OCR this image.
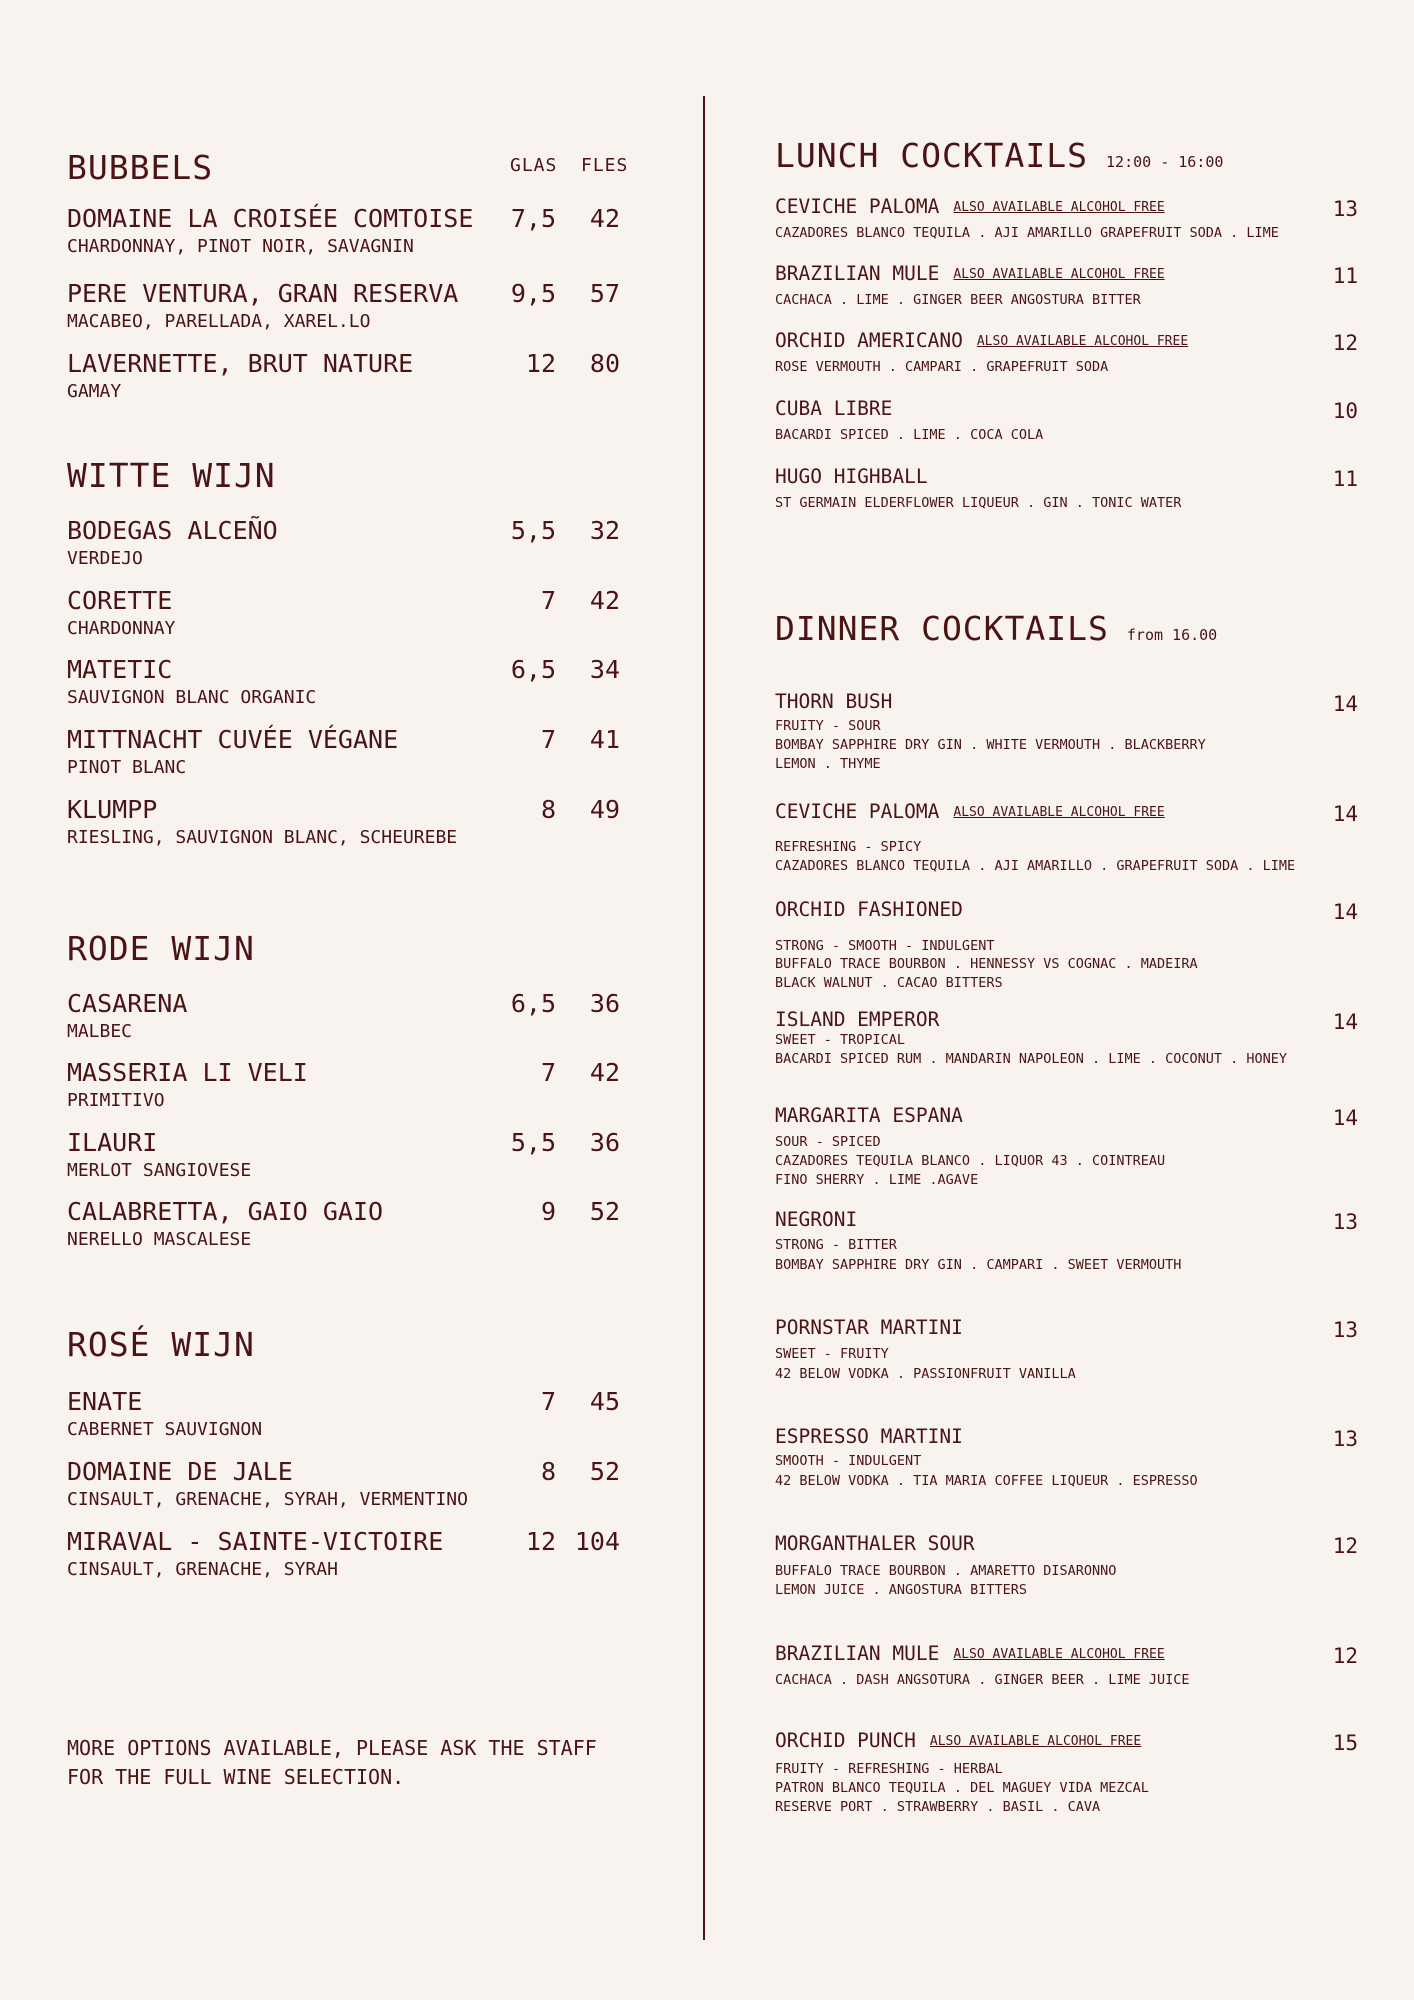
GLAS FLES
BUBBELS
DOMAINE LA CROISÉE COMTOISE
CHARDONNAY, PINOT NOIR, SAVAGNIN
7,5	42
PERE VENTURA, GRAN RESERVA
MACABEO, PARELLADA, XAREL.LO
9,5	57
LAVERNETTE, BRUT NATURE
GAMAY
12	80
WITTE WIJN
BODEGAS ALCEÑO
VERDEJO
5,5	32
CORETTE
CHARDONNAY
7	42
MATETIC
SAUVIGNON BLANC ORGANIC
6,5	34
MITTNACHT CUVÉE VÉGANE
PINOT BLANC
7	41
KLUMPP
RIESLING, SAUVIGNON BLANC, SCHEUREBE
8	49
RODE WIJN
CASARENA
MALBEC
6,5	36
MASSERIA LI VELI
PRIMITIVO
7	42
ILAURI
MERLOT SANGIOVESE
5,5	36
CALABRETTA, GAIO GAIO
NERELLO MASCALESE
9	52
ROSÉ WIJN
ENATE
CABERNET SAUVIGNON
7	45
DOMAINE DE JALE
CINSAULT, GRENACHE, SYRAH, VERMENTINO
8	52
MIRAVAL - SAINTE-VICTOIRE
CINSAULT, GRENACHE, SYRAH
12 104
MORE OPTIONS AVAILABLE, PLEASE ASK THE STAFF FOR THE FULL WINE SELECTION.
LUNCH COCKTAILS 12:00 - 16:00
DINNER COCKTAILS from 16.00
CEVICHE PALOMA ALSO AVAILABLE ALCOHOL FREE
CAZADORES BLANCO TEQUILA . AJI AMARILLO GRAPEFRUIT SODA . LIME
13
BRAZILIAN MULE ALSO AVAILABLE ALCOHOL FREE
CACHACA . LIME . GINGER BEER ANGOSTURA BITTER
11
ORCHID AMERICANO ALSO AVAILABLE ALCOHOL FREE
ROSE VERMOUTH . CAMPARI . GRAPEFRUIT SODA
12
CUBA LIBRE
BACARDI SPICED . LIME . COCA COLA
10
HUGO HIGHBALL
ST GERMAIN ELDERFLOWER LIQUEUR . GIN . TONIC WATER
11
THORN BUSH
FRUITY - SOUR
BOMBAY SAPPHIRE DRY GIN . WHITE VERMOUTH . BLACKBERRY
LEMON . THYME
14
CEVICHE PALOMA ALSO AVAILABLE ALCOHOL FREE
REFRESHING - SPICY
CAZADORES BLANCO TEQUILA . AJI AMARILLO . GRAPEFRUIT SODA . LIME
14
ORCHID FASHIONED
STRONG - SMOOTH - INDULGENT
BUFFALO TRACE BOURBON . HENNESSY VS COGNAC . MADEIRA
BLACK WALNUT . CACAO BITTERS
14
ISLAND EMPEROR
SWEET - TROPICAL
BACARDI SPICED RUM . MANDARIN NAPOLEON . LIME . COCONUT . HONEY
14
MARGARITA ESPANA
SOUR - SPICED
CAZADORES TEQUILA BLANCO . LIQUOR 43 . COINTREAU
FINO SHERRY . LIME .AGAVE
14
NEGRONI
STRONG - BITTER
BOMBAY SAPPHIRE DRY GIN . CAMPARI . SWEET VERMOUTH
13
PORNSTAR MARTINI
SWEET - FRUITY
42 BELOW VODKA . PASSIONFRUIT VANILLA
13
ESPRESSO MARTINI
SMOOTH - INDULGENT
42 BELOW VODKA . TIA MARIA COFFEE LIQUEUR . ESPRESSO
13
MORGANTHALER SOUR
BUFFALO TRACE BOURBON . AMARETTO DISARONNO
LEMON JUICE . ANGOSTURA BITTERS
12
BRAZILIAN MULE ALSO AVAILABLE ALCOHOL FREE
CACHACA . DASH ANGSOTURA . GINGER BEER . LIME JUICE
12
ORCHID PUNCH ALSO AVAILABLE ALCOHOL FREE
FRUITY - REFRESHING - HERBAL
PATRON BLANCO TEQUILA . DEL MAGUEY VIDA MEZCAL
RESERVE PORT . STRAWBERRY . BASIL . CAVA
15
